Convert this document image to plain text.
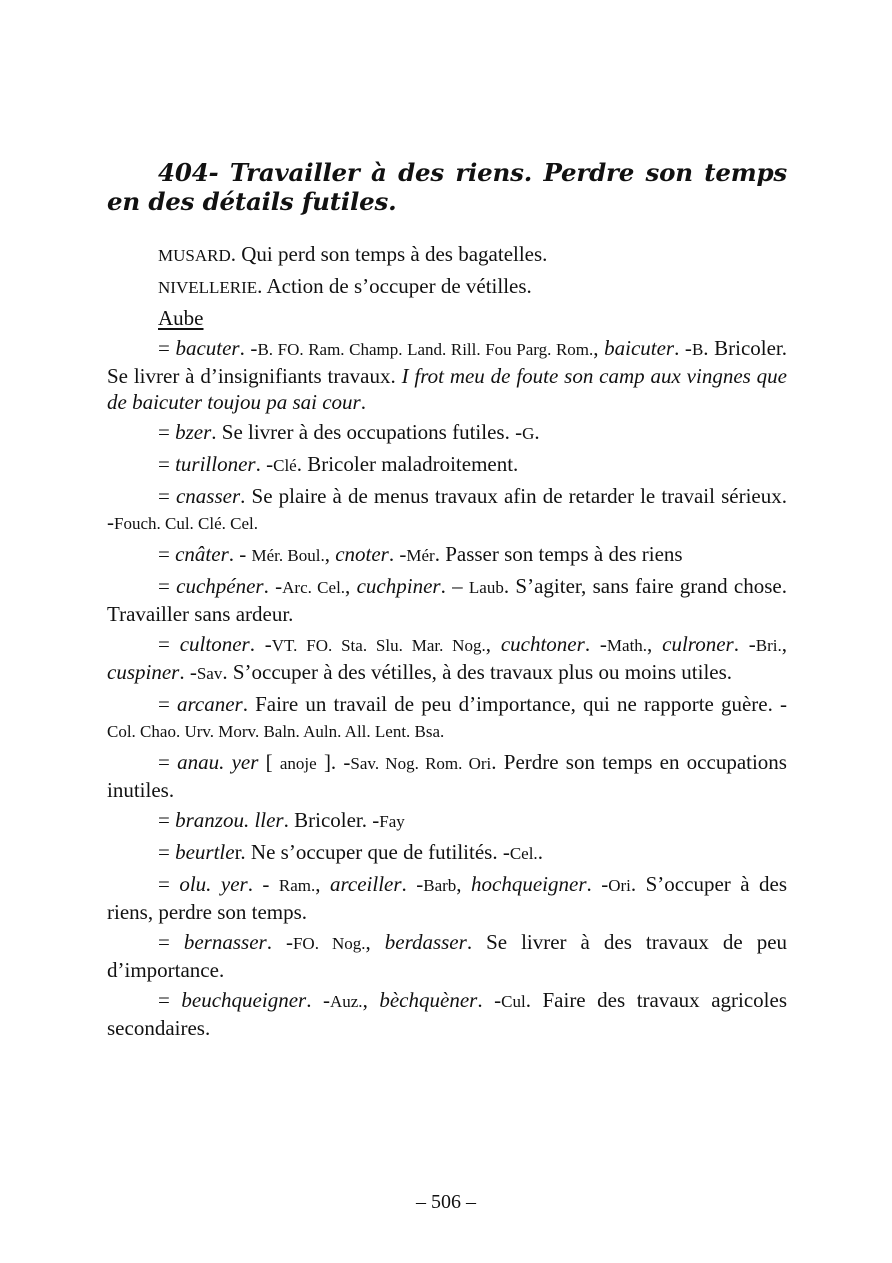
404- Travailler à des riens. Perdre son temps en des détails futiles.

MUSARD. Qui perd son temps à des bagatelles.

NIVELLERIE. Action de s’occuper de vétilles.

Aube

= bacuter. -B. FO. Ram. Champ. Land. Rill. Fou Parg. Rom., baicuter. -B. Bricoler. Se livrer à d’insignifiants travaux. I frot meu de foute son camp aux vingnes que de baicuter toujou pa sai cour.

= bzer. Se livrer à des occupations futiles. -G.

= turilloner. -Clé. Bricoler maladroitement.

= cnasser. Se plaire à de menus travaux afin de retarder le travail sérieux. -Fouch. Cul. Clé. Cel.

= cnâter. - Mér. Boul., cnoter. -Mér. Passer son temps à des riens

= cuchpéner. -Arc. Cel., cuchpiner. – Laub. S’agiter, sans faire grand chose. Travailler sans ardeur.

= cultoner. -VT. FO. Sta. Slu. Mar. Nog., cuchtoner. -Math., culroner. -Bri., cuspiner. -Sav. S’occuper à des vétilles, à des travaux plus ou moins utiles.

= arcaner. Faire un travail de peu d’importance, qui ne rapporte guère. -Col. Chao. Urv. Morv. Baln. Auln. All. Lent. Bsa.

= anau. yer [ anoje ]. -Sav. Nog. Rom. Ori. Perdre son temps en occupations inutiles.

= branzou. ller. Bricoler. -Fay

= beurtler. Ne s’occuper que de futilités. -Cel..

= olu. yer. - Ram., arceiller. -Barb, hochqueigner. -Ori. S’occuper à des riens, perdre son temps.

= bernasser. -FO. Nog., berdasser. Se livrer à des travaux de peu d’importance.

= beuchqueigner. -Auz., bèchquèner. -Cul. Faire des travaux agricoles secondaires.

– 506 –
